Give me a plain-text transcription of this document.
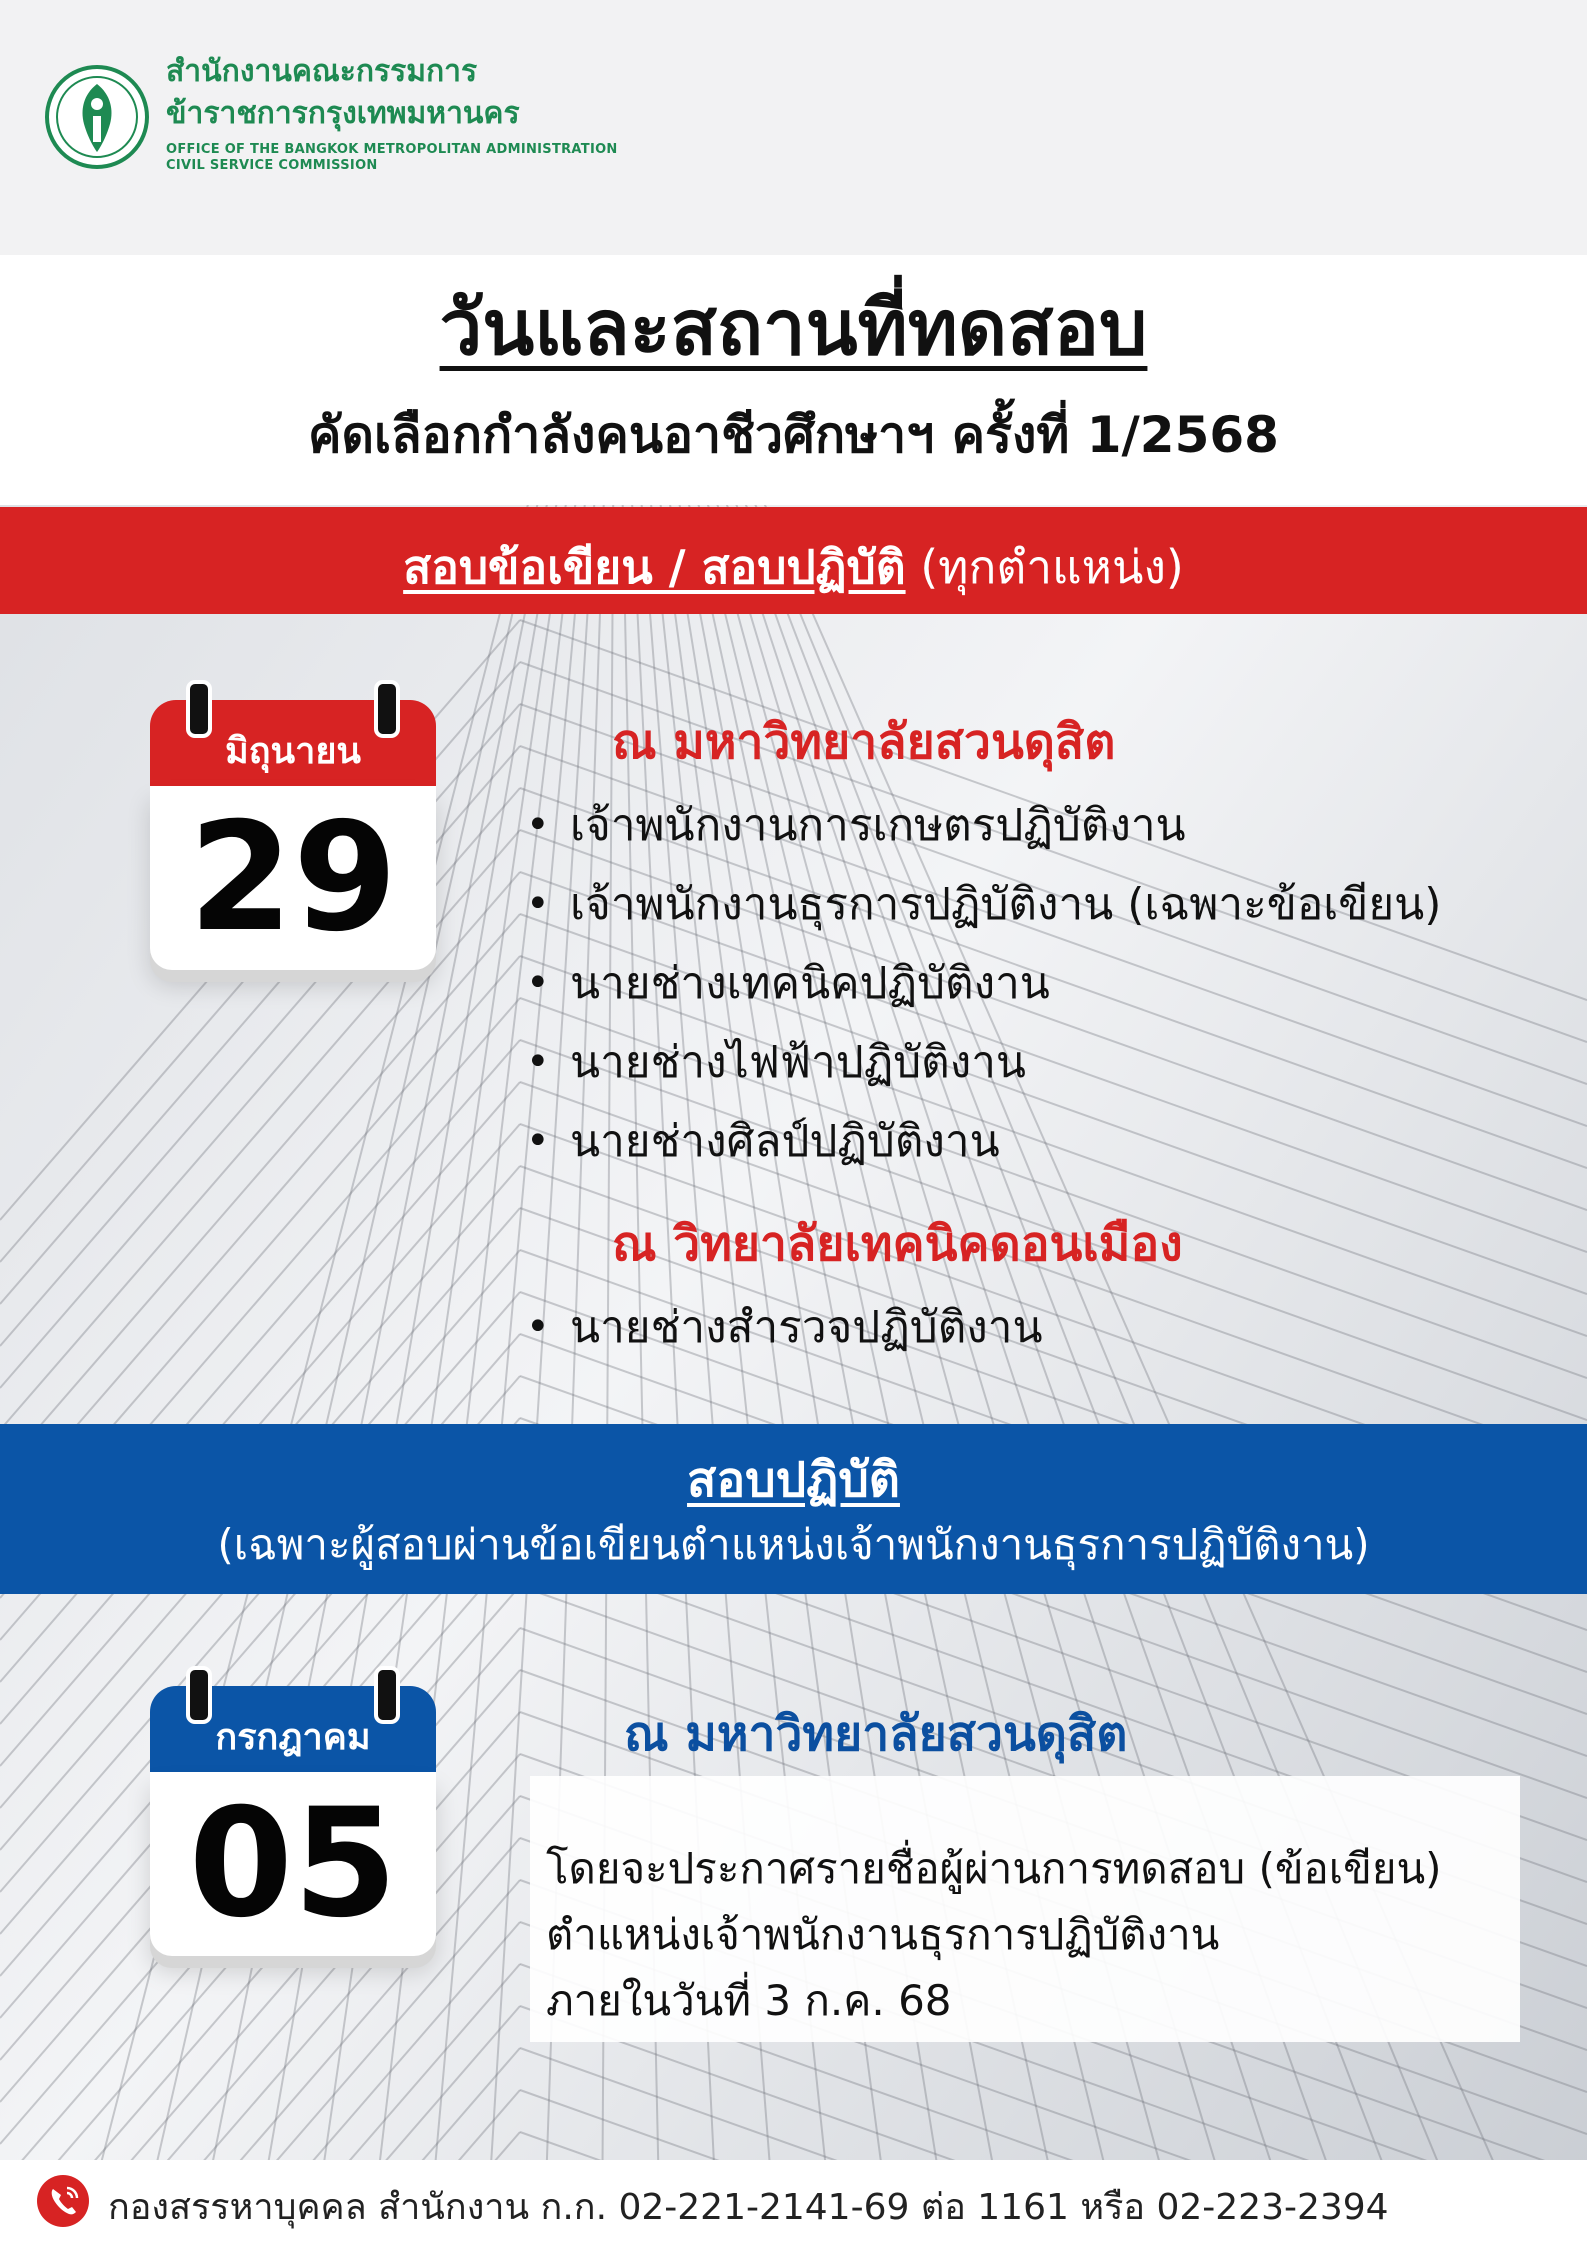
สำนักงานคณะกรรมการ
ข้าราชการกรุงเทพมหานคร
OFFICE OF THE BANGKOK METROPOLITAN ADMINISTRATION
CIVIL SERVICE COMMISSION
วันและสถานที่ทดสอบ
คัดเลือกกำลังคนอาชีวศึกษาฯ ครั้งที่ 1/2568
สอบข้อเขียน / สอบปฏิบัติ (ทุกตำแหน่ง)
มิถุนายน
29
ณ มหาวิทยาลัยสวนดุสิต
• เจ้าพนักงานการเกษตรปฏิบัติงาน
• เจ้าพนักงานธุรการปฏิบัติงาน (เฉพาะข้อเขียน)
• นายช่างเทคนิคปฏิบัติงาน
• นายช่างไฟฟ้าปฏิบัติงาน
• นายช่างศิลป์ปฏิบัติงาน
ณ วิทยาลัยเทคนิคดอนเมือง
• นายช่างสำรวจปฏิบัติงาน
สอบปฏิบัติ
(เฉพาะผู้สอบผ่านข้อเขียนตำแหน่งเจ้าพนักงานธุรการปฏิบัติงาน)
กรกฎาคม
05
ณ มหาวิทยาลัยสวนดุสิต
โดยจะประกาศรายชื่อผู้ผ่านการทดสอบ (ข้อเขียน)
ตำแหน่งเจ้าพนักงานธุรการปฏิบัติงาน
ภายในวันที่ 3 ก.ค. 68
กองสรรหาบุคคล สำนักงาน ก.ก. 02-221-2141-69 ต่อ 1161 หรือ 02-223-2394
